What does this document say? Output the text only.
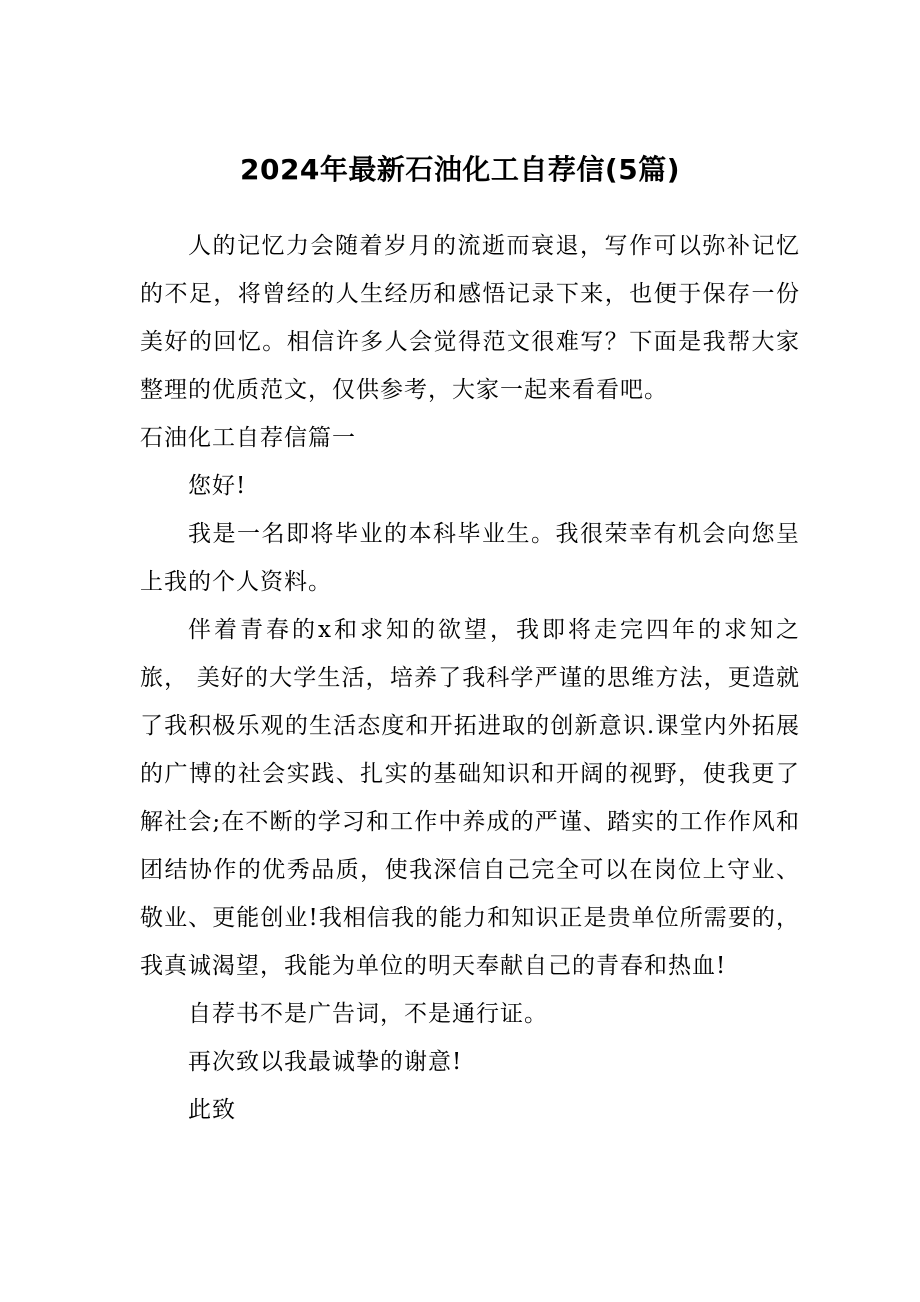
2024年最新石油化工自荐信(5篇)

人的记忆力会随着岁月的流逝而衰退，写作可以弥补记忆的不足，将曾经的人生经历和感悟记录下来，也便于保存一份美好的回忆。相信许多人会觉得范文很难写？下面是我帮大家整理的优质范文，仅供参考，大家一起来看看吧。

石油化工自荐信篇一

您好!

我是一名即将毕业的本科毕业生。我很荣幸有机会向您呈上我的个人资料。

伴着青春的x和求知的欲望，我即将走完四年的求知之旅， 美好的大学生活，培养了我科学严谨的思维方法，更造就了我积极乐观的生活态度和开拓进取的创新意识.课堂内外拓展的广博的社会实践、扎实的基础知识和开阔的视野，使我更了解社会;在不断的学习和工作中养成的严谨、踏实的工作作风和团结协作的优秀品质，使我深信自己完全可以在岗位上守业、敬业、更能创业!我相信我的能力和知识正是贵单位所需要的，我真诚渴望，我能为单位的明天奉献自己的青春和热血!

自荐书不是广告词，不是通行证。

再次致以我最诚挚的谢意!

此致
